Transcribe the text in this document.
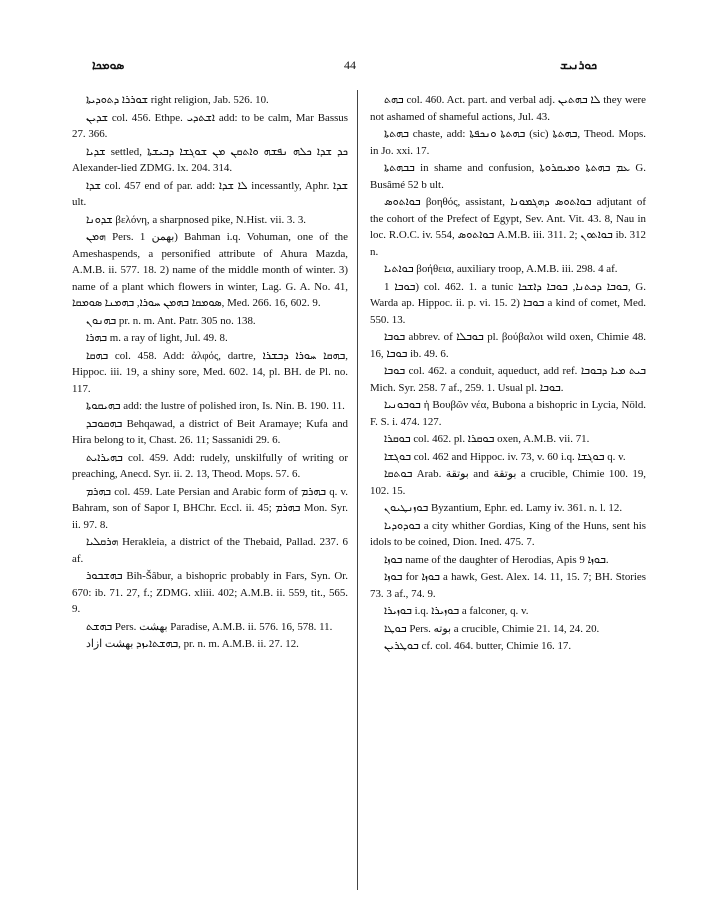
ܣܘܡܟܐ	44	ܟܘܪܢܝܫ

ܫܘܪܪܐ ܕܬܘܕܝܬܐ right religion, Jab. 526. 10.

ܫܕܝܢ col. 456. Ethpe. ܐܫܬܕܝ add: to be calm, Mar Bassus 27. 366.

ܫܕܝܐ settled, ܟܕ ܫܕܐ ܟܠܗ ܢܦܫܗ ܘܐܬܩܢ ܡܢ ܫܘܓܫܐ ܕܒܝܫܬܐ Alexander-lied ZDMG. lx. 204. 314.

ܫܕܐ col. 457 end of par. add: ܠܐ ܫܕܐ incessantly, Aphr. ܫܕܐ ult.

ܫܕܘܢܐ βελόνη, a sharpnosed pike, N.Hist. vii. 3. 3.

ܗܡܢ Pers. بهمن 1) Bahman i.q. Vohuman, one of the Ameshaspends, a personified attribute of Ahura Mazda, A.M.B. ii. 577. 18. 2) name of the middle month of winter. 3) name of a plant which flowers in winter, Lag. G. A. No. 41, ܣܘܡܩܐ ܒܗܡܢ ܚܘܪܐ, ܒܗܡܢܐ ܣܘܡܩܐ, Med. 266. 16, 602. 9.

ܒܗܢܘܢ pr. n. m. Ant. Patr. 305 no. 138.

ܒܗܪܐ m. a ray of light, Jul. 49. 8.

ܒܗܩܐ col. 458. Add: ἀλφός, dartre, ܒܗܩܐ ܚܘܪܐ ܕܒܫܪܐ, Hippoc. iii. 19, a shiny sore, Med. 602. 14, pl. BH. de Pl. no. 117.

ܒܗܝܩܘܬܐ add: the lustre of polished iron, Is. Nin. B. 190. 11.

ܒܗܩܘܒܕ Behqawad, a district of Beit Aramaye; Kufa and Hira belong to it, Chast. 26. 11; Sassanidi 29. 6.

ܒܗܝܪܐܝܬ col. 459. Add: rudely, unskilfully of writing or preaching, Anecd. Syr. ii. 2. 13, Theod. Mops. 57. 6.

ܒܗܪܡ col. 459. Late Persian and Arabic form of ܒܗܪܡ q. v. Bahram, son of Sapor I, BHChr. Eccl. ii. 45; ܒܗܪܡ Mon. Syr. ii. 97. 8.

ܗܪܩܠܝܐ Herakleia, a district of the Thebaid, Pallad. 237. 6 af.

ܒܗܫܒܘܪ Bih-Šâbur, a bishopric probably in Fars, Syn. Or. 670: ib. 71. 27, f.; ZDMG. xliii. 402; A.M.B. ii. 559, tit., 565. 9.

ܒܗܫܬ Pers. بهشت Paradise, A.M.B. ii. 576. 16, 578. 11.

ܒܗܫܬܐܝܙܕ بهشت ازاد, pr. n. m. A.M.B. ii. 27. 12.

ܒܗܬ col. 460. Act. part. and verbal adj. ܠܐ ܒܗܬܝܢ they were not ashamed of shameful actions, Jul. 43.

ܒܗܬܬܐ chaste, add: ܒܗܬܬܐ ܘܢܟܦܬܐ (sic) ܒܗܬܬܐ, Theod. Mops. in Jo. xxi. 17.

ܒܒܗܬܬܐ in shame and confusion, ܥܡ ܒܗܬܬܐ ܘܡܝܩܪܘܬܐ G. Busâmé 52 b ult.

ܒܘܐܬܘܣ βοηθός, assistant, ܒܘܐܬܘܣ ܕܗܓܡܘܢܐ adjutant of the cohort of the Prefect of Egypt, Sev. Ant. Vit. 43. 8, Nau in loc. R.O.C. iv. 554, ܒܘܐܬܘܣ A.M.B. iii. 311. 2; ܒܘܐܬܘܢ ib. 312 n.

ܒܘܐܬܝܐ βοήθεια, auxiliary troop, A.M.B. iii. 298. 4 af.

ܒܘܒܐ 1) col. 462. 1. a tunic ܒܘܒܐ ܕܟܬܢܐ, ܒܘܒܐ ܕܐܫܟܐ, G. Warda ap. Hippoc. ii. p. vi. 15. 2) ܒܘܒܐ a kind of comet, Med. 550. 13.

ܒܘܒܐ abbrev. of ܒܘܒܠܐ pl. βούβαλοι wild oxen, Chimie 48. 16, ܒܘܒܐ ib. 49. 6.

ܒܘܒܐ col. 462. a conduit, aqueduct, add ref. ܒܝܬ ܡܝܐ ܕܒܘܒܐ Mich. Syr. 258. 7 af., 259. 1. Usual pl. ܒܘܒܐ.

ܒܘܒܘܢܝܐ ἡ Βουβῶν νέα, Bubona a bishopric in Lycia, Nöld. F. S. i. 474. 127.

ܒܘܩܪܐ col. 462. pl. ܒܘܩܪܐ oxen, A.M.B. vii. 71.

ܒܘܓܫܐ col. 462 and Hippoc. iv. 73, v. 60 i.q. ܒܘܓܫܐ q. v.

ܒܘܬܩܐ Arab. بوتقة and بوتقة a crucible, Chimie 100. 19, 102. 15.

ܒܘܙܢܛܝܘܢ Byzantium, Ephr. ed. Lamy iv. 361. n. l. 12.

ܒܘܕܘܕܝܐ a city whither Gordias, King of the Huns, sent his idols to be coined, Dion. Ined. 475. 7.

ܒܘܙܐ name of the daughter of Herodias, Apis ܒܘܙܐ 9.

ܒܘܙܐ for ܒܘܙܐ a hawk, Gest. Alex. 14. 11, 15. 7; BH. Stories 73. 3 af., 74. 9.

ܒܘܙܝܪܐ i.q. ܒܘܙܝܪܐ a falconer, q. v.

ܒܘܛܐ Pers. بوته a crucible, Chimie 21. 14, 24. 20.

ܒܘܛܪܝܢ cf. col. 464. butter, Chimie 16. 17.
